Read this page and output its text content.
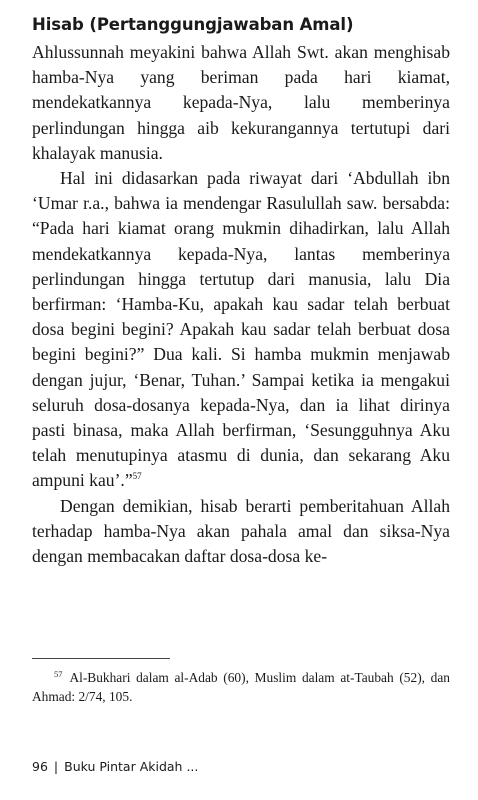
Hisab (Pertanggungjawaban Amal)

Ahlussunnah meyakini bahwa Allah Swt. akan menghisab hamba-Nya yang beriman pada hari kiamat, mendekatkannya kepada-Nya, lalu memberinya perlindungan hingga aib kekurangannya tertutupi dari khalayak manusia.

Hal ini didasarkan pada riwayat dari ‘Abdullah ibn ‘Umar r.a., bahwa ia mendengar Rasulullah saw. bersabda: “Pada hari kiamat orang mukmin dihadirkan, lalu Allah mendekatkannya kepada-Nya, lantas memberinya perlindungan hingga tertutup dari manusia, lalu Dia berfirman: ‘Hamba-Ku, apakah kau sadar telah berbuat dosa begini begini? Apakah kau sadar telah berbuat dosa begini begini?” Dua kali. Si hamba mukmin menjawab dengan jujur, ‘Benar, Tuhan.’ Sampai ketika ia mengakui seluruh dosa-dosanya kepada-Nya, dan ia lihat dirinya pasti binasa, maka Allah berfirman, ‘Sesungguhnya Aku telah menutupinya atasmu di dunia, dan sekarang Aku ampuni kau’.”$^{57}$

Dengan demikian, hisab berarti pemberitahuan Allah terhadap hamba-Nya akan pahala amal dan siksa-Nya dengan membacakan daftar dosa-dosa ke-

$^{57}$ Al-Bukhari dalam al-Adab (60), Muslim dalam at-Taubah (52), dan Ahmad: 2/74, 105.
96 | Buku Pintar Akidah ...
